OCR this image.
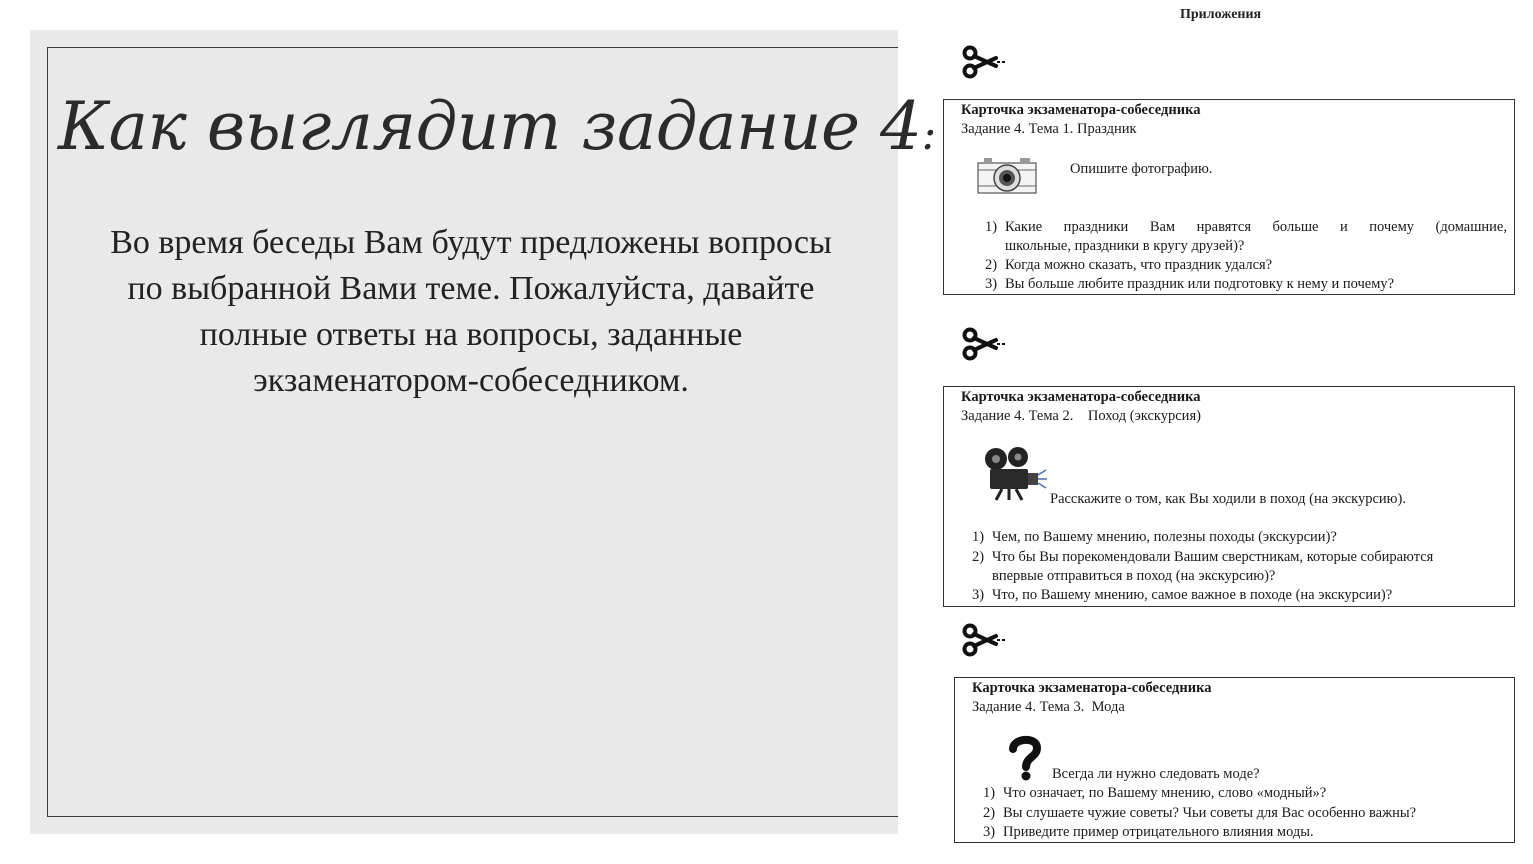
Как выглядит задание 4:
Во время беседы Вам будут предложены вопросы
по выбранной Вами теме. Пожалуйста, давайте
полные ответы на вопросы, заданные
экзаменатором-собеседником.
Приложения
Карточка экзаменатора-собеседника
Задание 4. Тема 1. Праздник
Опишите фотографию.
1) Какие праздники Вам нравятся больше и почему (домашние,
школьные, праздники в кругу друзей)?
2) Когда можно сказать, что праздник удался?
3) Вы больше любите праздник или подготовку к нему и почему?
Карточка экзаменатора-собеседника
Задание 4. Тема 2.    Поход (экскурсия)
Расскажите о том, как Вы ходили в поход (на экскурсию).
1) Чем, по Вашему мнению, полезны походы (экскурсии)?
2) Что бы Вы порекомендовали Вашим сверстникам, которые собираются
впервые отправиться в поход (на экскурсию)?
3) Что, по Вашему мнению, самое важное в походе (на экскурсии)?
Карточка экзаменатора-собеседника
Задание 4. Тема 3.  Мода
Всегда ли нужно следовать моде?
1) Что означает, по Вашему мнению, слово «модный»?
2) Вы слушаете чужие советы? Чьи советы для Вас особенно важны?
3) Приведите пример отрицательного влияния моды.
